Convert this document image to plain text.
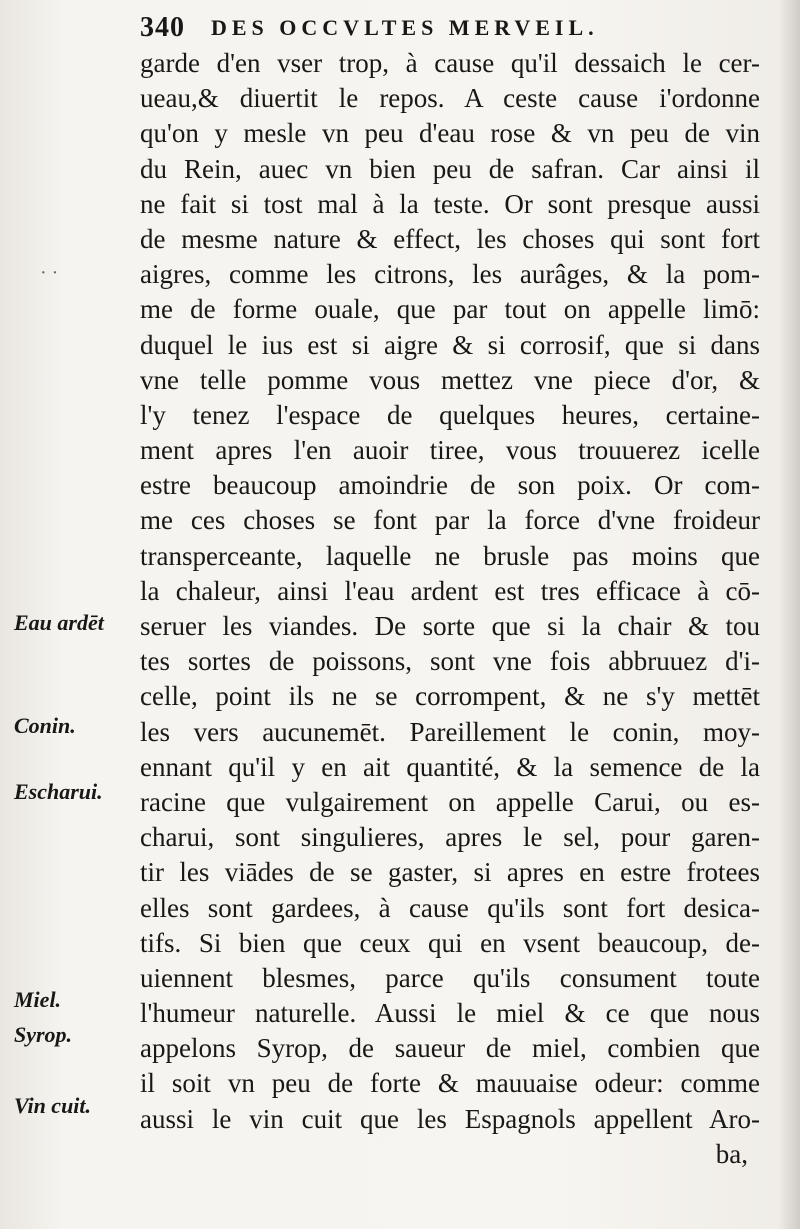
340 DES OCCVLTES MERVEIL.
garde d'en vser trop, à cause qu'il dessaich le cer-
ueau,& diuertit le repos. A ceste cause i'ordonne
qu'on y mesle vn peu d'eau rose & vn peu de vin
du Rein, auec vn bien peu de safran. Car ainsi il
ne fait si tost mal à la teste. Or sont presque aussi
de mesme nature & effect, les choses qui sont fort
aigres, comme les citrons, les aurâges, & la pom-
me de forme ouale, que par tout on appelle limō:
duquel le ius est si aigre & si corrosif, que si dans
vne telle pomme vous mettez vne piece d'or, &
l'y tenez l'espace de quelques heures, certaine-
ment apres l'en auoir tiree, vous trouuerez icelle
estre beaucoup amoindrie de son poix. Or com-
me ces choses se font par la force d'vne froideur
transperceante, laquelle ne brusle pas moins que
la chaleur, ainsi l'eau ardent est tres efficace à cō-
seruer les viandes. De sorte que si la chair & tou
tes sortes de poissons, sont vne fois abbruuez d'i-
celle, point ils ne se corrompent, & ne s'y mettēt
les vers aucunemēt. Pareillement le conin, moy-
ennant qu'il y en ait quantité, & la semence de la
racine que vulgairement on appelle Carui, ou es-
charui, sont singulieres, apres le sel, pour garen-
tir les viādes de se gaster, si apres en estre frotees
elles sont gardees, à cause qu'ils sont fort desica-
tifs. Si bien que ceux qui en vsent beaucoup, de-
uiennent blesmes, parce qu'ils consument toute
l'humeur naturelle. Aussi le miel & ce que nous
appelons Syrop, de saueur de miel, combien que
il soit vn peu de forte & mauuaise odeur: comme
aussi le vin cuit que les Espagnols appellent Aro-
ba,
Eau ardēt
Conin.
Escharui.
Miel.
Syrop.
Vin cuit.
· ·
